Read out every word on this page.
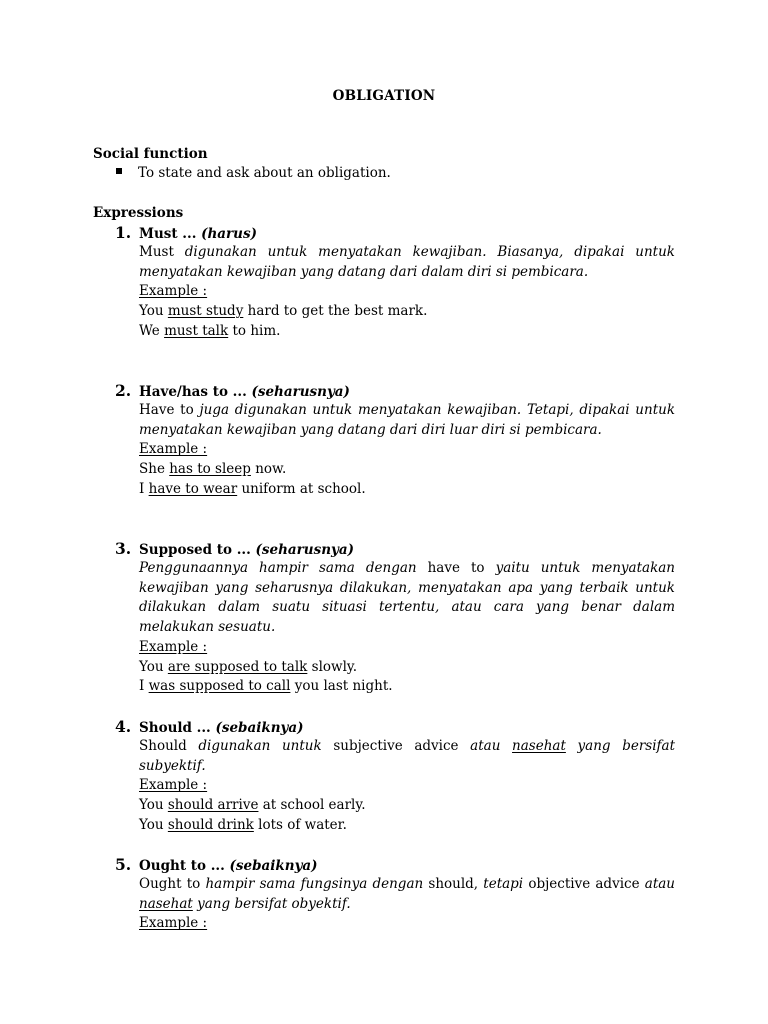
OBLIGATION
Social function
To state and ask about an obligation.
Expressions
1. Must ... (harus)
Must digunakan untuk menyatakan kewajiban. Biasanya, dipakai untuk menyatakan kewajiban yang datang dari dalam diri si pembicara.
Example :
You must study hard to get the best mark.
We must talk to him.
2. Have/has to ... (seharusnya)
Have to juga digunakan untuk menyatakan kewajiban. Tetapi, dipakai untuk menyatakan kewajiban yang datang dari diri luar diri si pembicara.
Example :
She has to sleep now.
I have to wear uniform at school.
3. Supposed to ... (seharusnya)
Penggunaannya hampir sama dengan have to yaitu untuk menyatakan kewajiban yang seharusnya dilakukan, menyatakan apa yang terbaik untuk dilakukan dalam suatu situasi tertentu, atau cara yang benar dalam melakukan sesuatu.
Example :
You are supposed to talk slowly.
I was supposed to call you last night.
4. Should ... (sebaiknya)
Should digunakan untuk subjective advice atau nasehat yang bersifat subyektif.
Example :
You should arrive at school early.
You should drink lots of water.
5. Ought to ... (sebaiknya)
Ought to hampir sama fungsinya dengan should, tetapi objective advice atau nasehat yang bersifat obyektif.
Example :
